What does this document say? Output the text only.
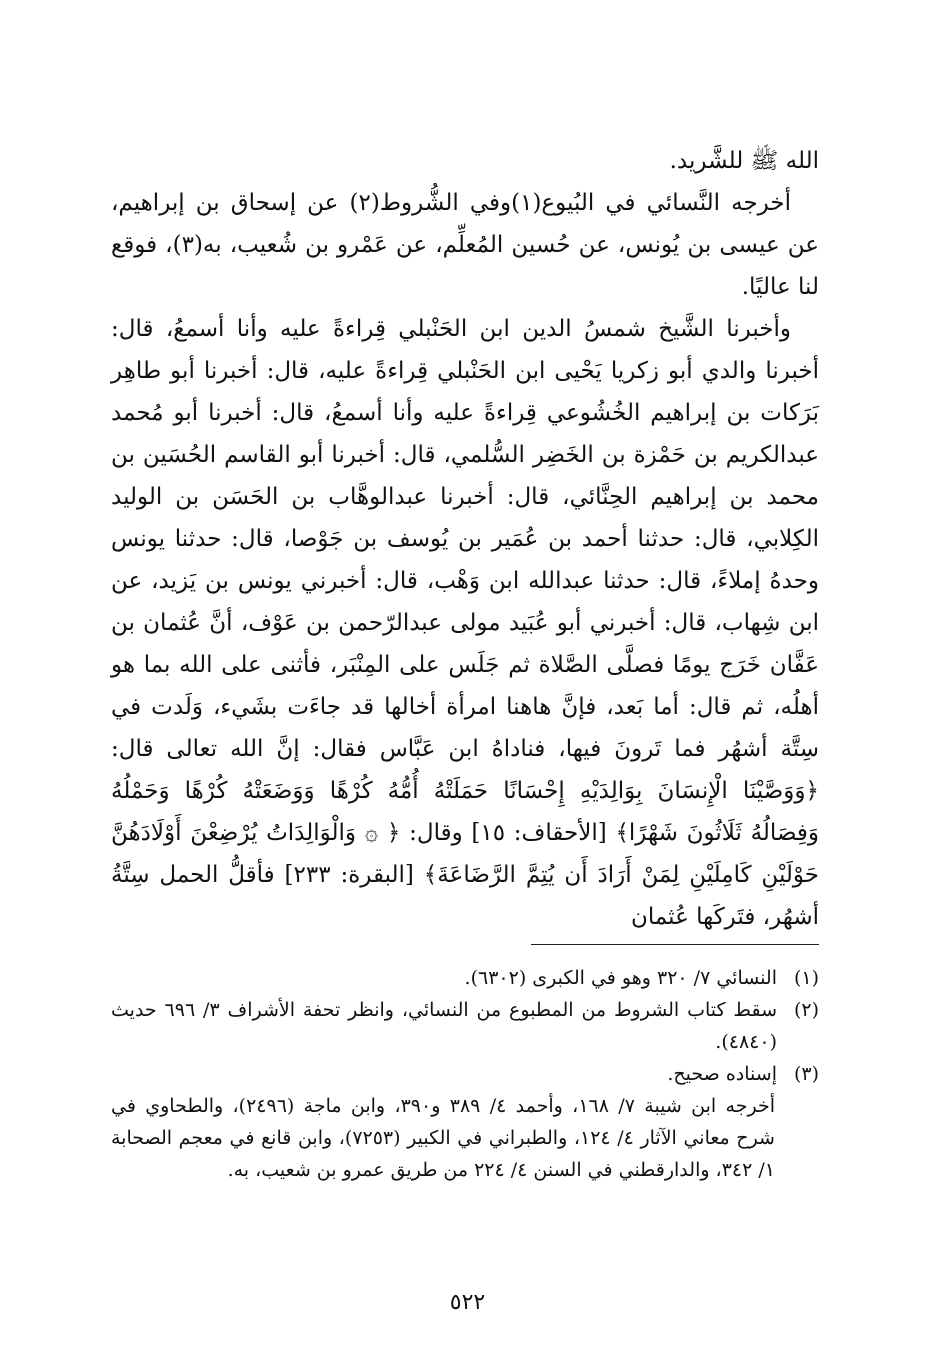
الله ﷺ للشَّريد.

أخرجه النَّسائي في البُيوع(١)وفي الشُّروط(٢) عن إسحاق بن إبراهيم، عن عيسى بن يُونس، عن حُسين المُعلِّم، عن عَمْرو بن شُعيب، به(٣)، فوقع لنا عاليًا.

وأخبرنا الشَّيخ شمسُ الدين ابن الحَنْبلي قِراءةً عليه وأنا أسمعُ، قال: أخبرنا والدي أبو زكريا يَحْيى ابن الحَنْبلي قِراءةً عليه، قال: أخبرنا أبو طاهِر بَرَكات بن إبراهيم الخُشُوعي قِراءةً عليه وأنا أسمعُ، قال: أخبرنا أبو مُحمد عبدالكريم بن حَمْزة بن الخَضِر السُّلمي، قال: أخبرنا أبو القاسم الحُسَين بن محمد بن إبراهيم الحِنَّائي، قال: أخبرنا عبدالوهَّاب بن الحَسَن بن الوليد الكِلابي، قال: حدثنا أحمد بن عُمَير بن يُوسف بن جَوْصا، قال: حدثنا يونس وحدهُ إملاءً، قال: حدثنا عبدالله ابن وَهْب، قال: أخبرني يونس بن يَزيد، عن ابن شِهاب، قال: أخبرني أبو عُبَيد مولى عبدالرّحمن بن عَوْف، أنَّ عُثمان بن عَفَّان خَرَج يومًا فصلَّى الصَّلاة ثم جَلَس على المِنْبَر، فأثنى على الله بما هو أهلُه، ثم قال: أما بَعد، فإنَّ هاهنا امرأة أخالها قد جاءَت بشَيء، وَلَدت في سِتَّة أشهُر فما تَرونَ فيها، فناداهُ ابن عَبَّاس فقال: إنَّ الله تعالى قال: ﴿وَوَصَّيْنَا الْإِنسَانَ بِوَالِدَيْهِ إِحْسَانًا حَمَلَتْهُ أُمُّهُ كُرْهًا وَوَضَعَتْهُ كُرْهًا وَحَمْلُهُ وَفِصَالُهُ ثَلَاثُونَ شَهْرًا﴾ [الأحقاف: ١٥] وقال: ﴿ ۞ وَالْوَالِدَاتُ يُرْضِعْنَ أَوْلَادَهُنَّ حَوْلَيْنِ كَامِلَيْنِ لِمَنْ أَرَادَ أَن يُتِمَّ الرَّضَاعَةَ﴾ [البقرة: ٢٣٣] فأقلُّ الحمل سِتَّةُ أشهُر، فتَركَها عُثمان

(١)
النسائي ٧/ ٣٢٠ وهو في الكبرى (٦٣٠٢).
(٢)
سقط كتاب الشروط من المطبوع من النسائي، وانظر تحفة الأشراف ٣/ ٦٩٦ حديث (٤٨٤٠).
(٣)
إسناده صحيح.

أخرجه ابن شيبة ٧/ ١٦٨، وأحمد ٤/ ٣٨٩ و٣٩٠، وابن ماجة (٢٤٩٦)، والطحاوي في شرح معاني الآثار ٤/ ١٢٤، والطبراني في الكبير (٧٢٥٣)، وابن قانع في معجم الصحابة ١/ ٣٤٢، والدارقطني في السنن ٤/ ٢٢٤ من طريق عمرو بن شعيب، به.

٥٢٢
